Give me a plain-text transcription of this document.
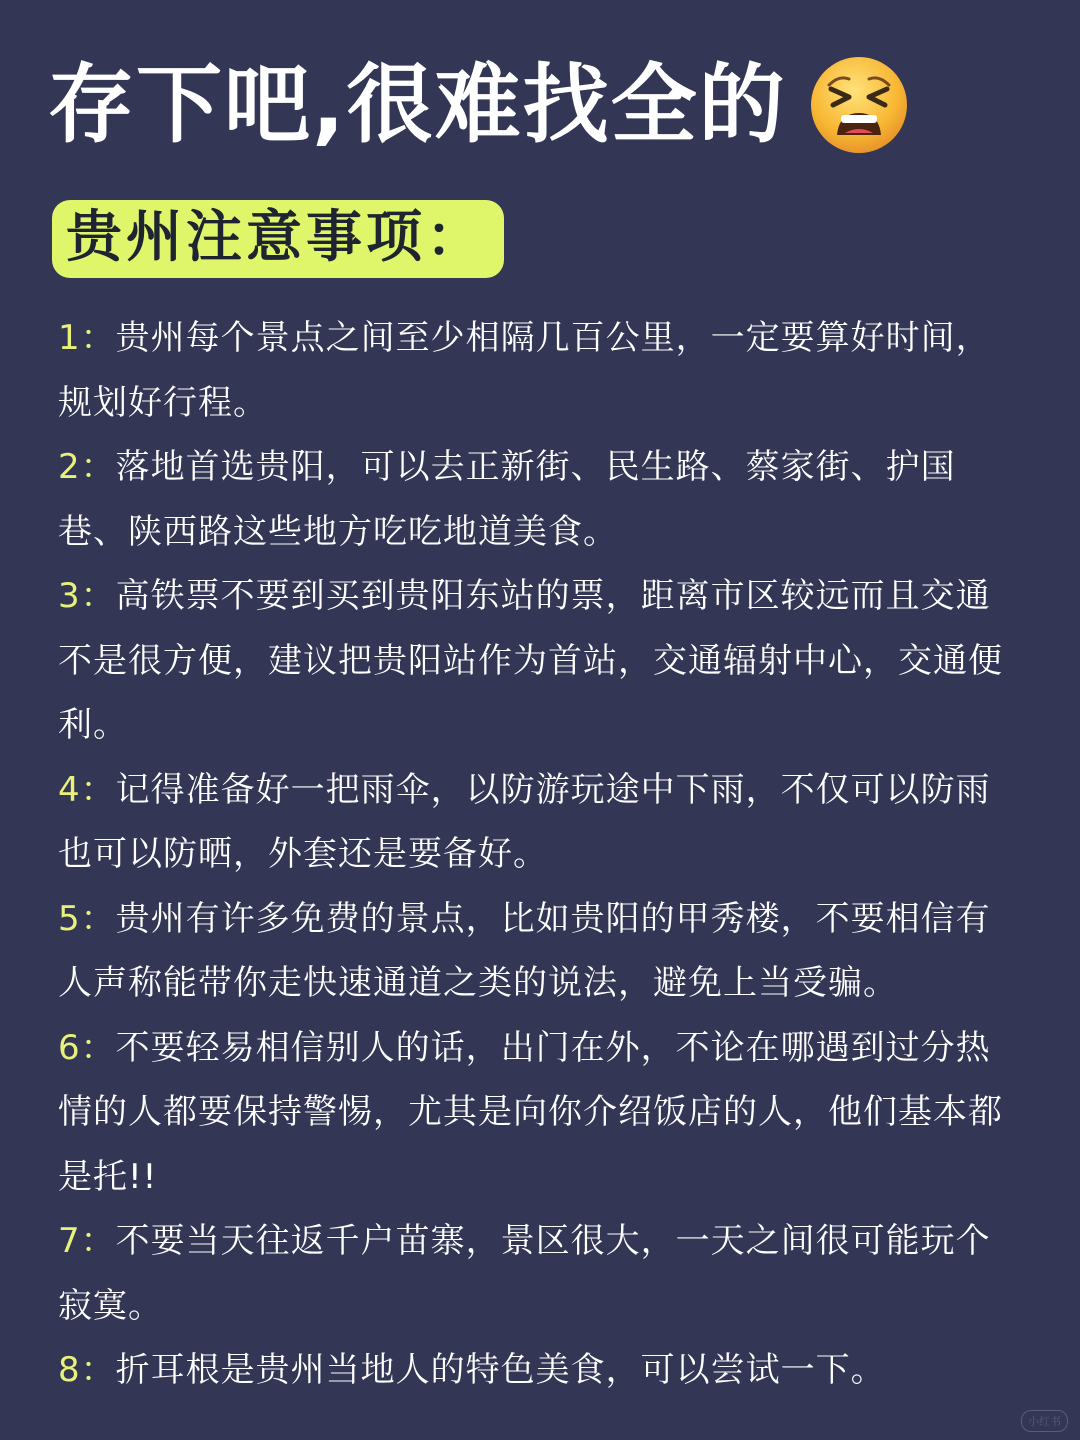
存下吧,很难找全的
贵州注意事项：
1：贵州每个景点之间至少相隔几百公里，一定要算好时间，规划好行程。
2：落地首选贵阳，可以去正新街、民生路、蔡家街、护国巷、陕西路这些地方吃吃地道美食。
3：高铁票不要到买到贵阳东站的票，距离市区较远而且交通不是很方便，建议把贵阳站作为首站，交通辐射中心，交通便利。
4：记得准备好一把雨伞，以防游玩途中下雨，不仅可以防雨也可以防晒，外套还是要备好。
5：贵州有许多免费的景点，比如贵阳的甲秀楼，不要相信有人声称能带你走快速通道之类的说法，避免上当受骗。
6：不要轻易相信别人的话，出门在外，不论在哪遇到过分热情的人都要保持警惕，尤其是向你介绍饭店的人，他们基本都是托!!
7：不要当天往返千户苗寨，景区很大，一天之间很可能玩个寂寞。
8：折耳根是贵州当地人的特色美食，可以尝试一下。
小红书
